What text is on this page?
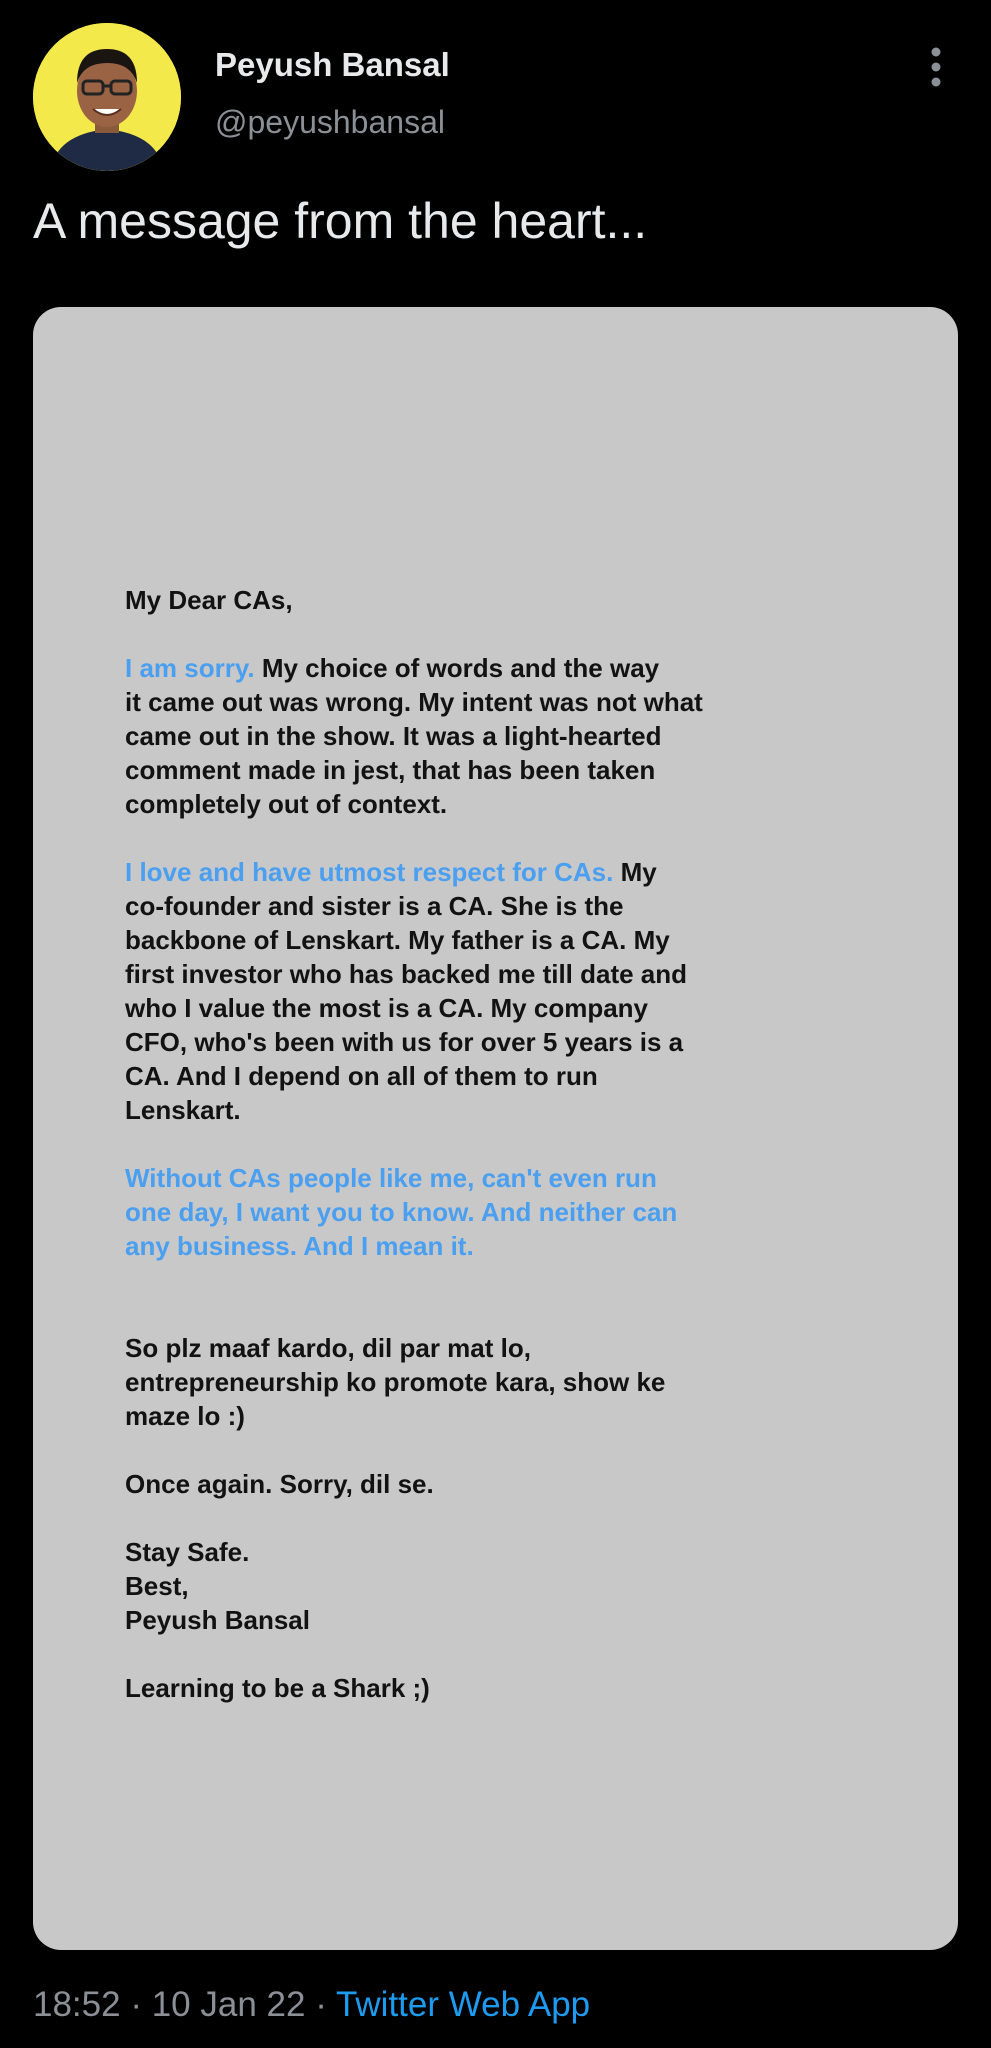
Peyush Bansal
@peyushbansal
A message from the heart...

My Dear CAs,

I am sorry. My choice of words and the way

it came out was wrong. My intent was not what

came out in the show. It was a light-hearted

comment made in jest, that has been taken

completely out of context.

I love and have utmost respect for CAs. My

co-founder and sister is a CA. She is the

backbone of Lenskart. My father is a CA. My

first investor who has backed me till date and

who I value the most is a CA. My company

CFO, who's been with us for over 5 years is a

CA. And I depend on all of them to run

Lenskart.

Without CAs people like me, can't even run

one day, I want you to know. And neither can

any business. And I mean it.

So plz maaf kardo, dil par mat lo,

entrepreneurship ko promote kara, show ke

maze lo :)

Once again. Sorry, dil se.

Stay Safe.

Best,

Peyush Bansal

Learning to be a Shark ;)

18:52 · 10 Jan 22 · Twitter Web App
